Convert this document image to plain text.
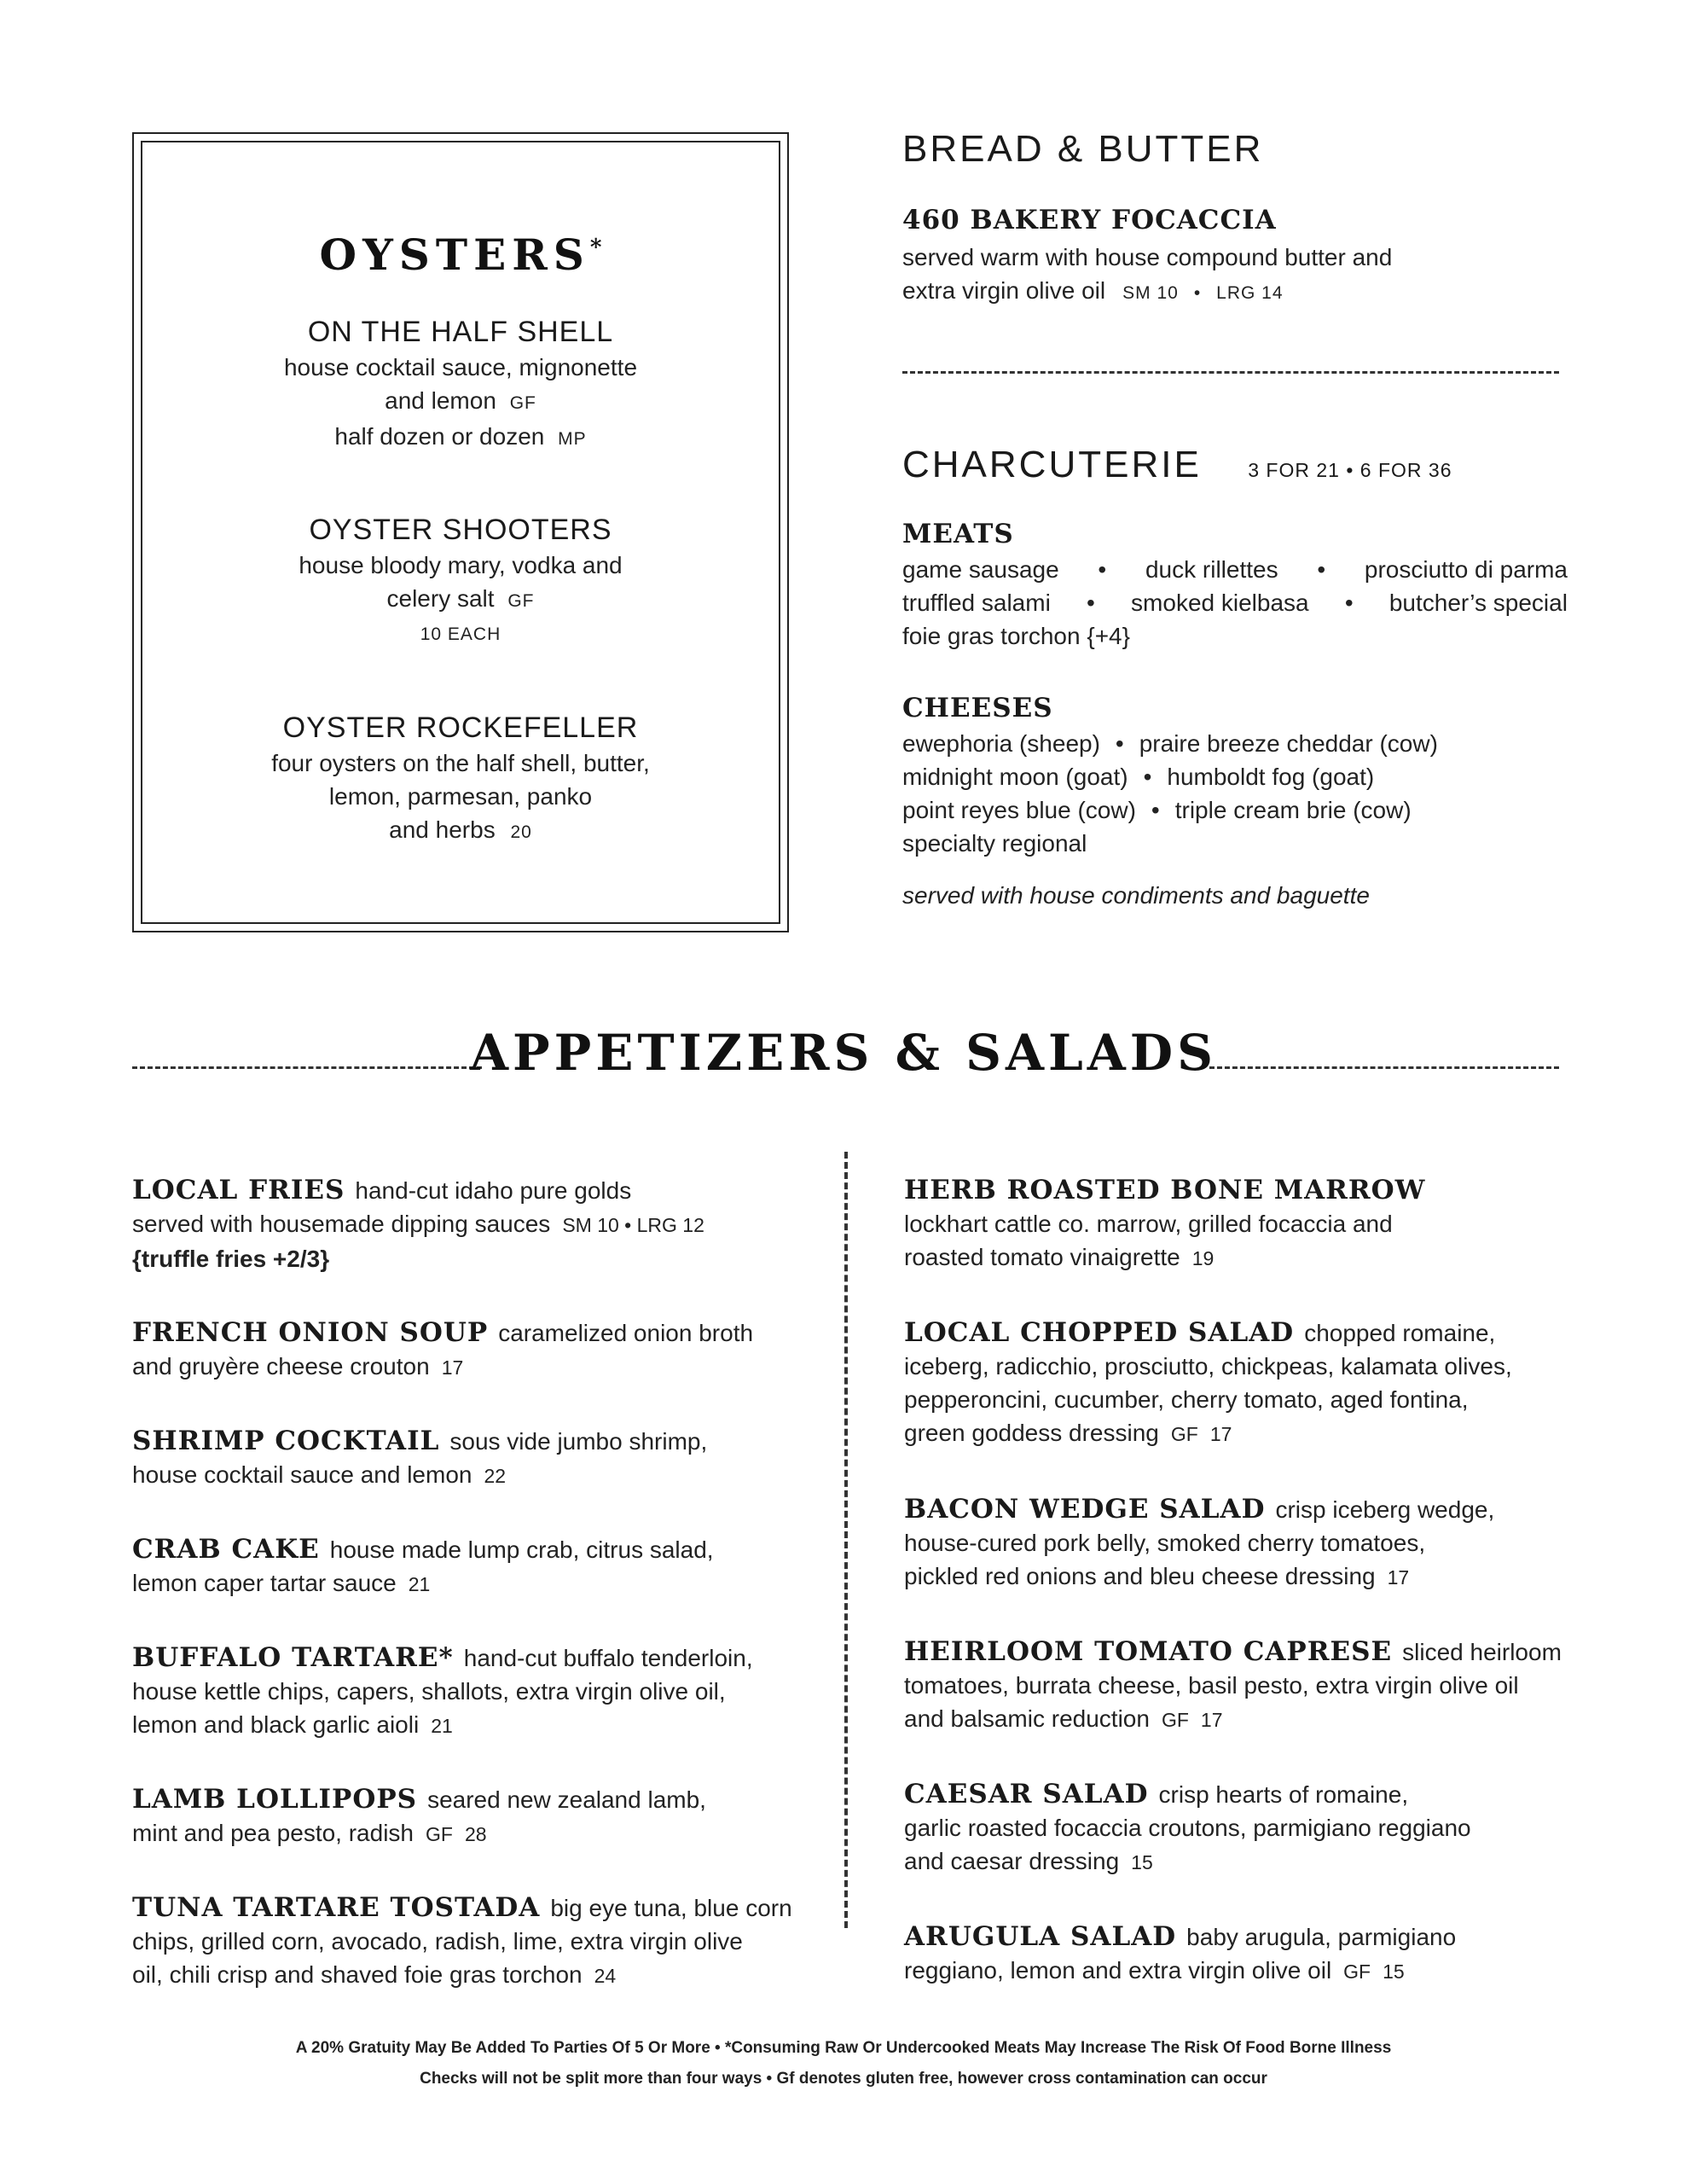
OYSTERS*
ON THE HALF SHELL
house cocktail sauce, mignonette
and lemon GF
half dozen or dozen MP
OYSTER SHOOTERS
house bloody mary, vodka and
celery salt GF
10 EACH
OYSTER ROCKEFELLER
four oysters on the half shell, butter,
lemon, parmesan, panko
and herbs 20
BREAD & BUTTER
460 BAKERY FOCACCIA
served warm with house compound butter and
extra virgin olive oil SM 10 • LRG 14
CHARCUTERIE 3 FOR 21 • 6 FOR 36
MEATS
game sausage • duck rillettes • prosciutto di parma
truffled salami • smoked kielbasa • butcher’s special
foie gras torchon {+4}
CHEESES
ewephoria (sheep) • praire breeze cheddar (cow)
midnight moon (goat) • humboldt fog (goat)
point reyes blue (cow) • triple cream brie (cow)
specialty regional
served with house condiments and baguette
APPETIZERS & SALADS
LOCAL FRIES hand-cut idaho pure golds
served with housemade dipping sauces SM 10 • LRG 12
{truffle fries +2/3}
FRENCH ONION SOUP caramelized onion broth
and gruyère cheese crouton 17
SHRIMP COCKTAIL sous vide jumbo shrimp,
house cocktail sauce and lemon 22
CRAB CAKE house made lump crab, citrus salad,
lemon caper tartar sauce 21
BUFFALO TARTARE* hand-cut buffalo tenderloin,
house kettle chips, capers, shallots, extra virgin olive oil,
lemon and black garlic aioli 21
LAMB LOLLIPOPS seared new zealand lamb,
mint and pea pesto, radish GF 28
TUNA TARTARE TOSTADA big eye tuna, blue corn
chips, grilled corn, avocado, radish, lime, extra virgin olive
oil, chili crisp and shaved foie gras torchon 24
HERB ROASTED BONE MARROW
lockhart cattle co. marrow, grilled focaccia and
roasted tomato vinaigrette 19
LOCAL CHOPPED SALAD chopped romaine,
iceberg, radicchio, prosciutto, chickpeas, kalamata olives,
pepperoncini, cucumber, cherry tomato, aged fontina,
green goddess dressing GF 17
BACON WEDGE SALAD crisp iceberg wedge,
house-cured pork belly, smoked cherry tomatoes,
pickled red onions and bleu cheese dressing 17
HEIRLOOM TOMATO CAPRESE sliced heirloom
tomatoes, burrata cheese, basil pesto, extra virgin olive oil
and balsamic reduction GF 17
CAESAR SALAD crisp hearts of romaine,
garlic roasted focaccia croutons, parmigiano reggiano
and caesar dressing 15
ARUGULA SALAD baby arugula, parmigiano
reggiano, lemon and extra virgin olive oil GF 15
A 20% Gratuity May Be Added To Parties Of 5 Or More • *Consuming Raw Or Undercooked Meats May Increase The Risk Of Food Borne Illness
Checks will not be split more than four ways • Gf denotes gluten free, however cross contamination can occur
